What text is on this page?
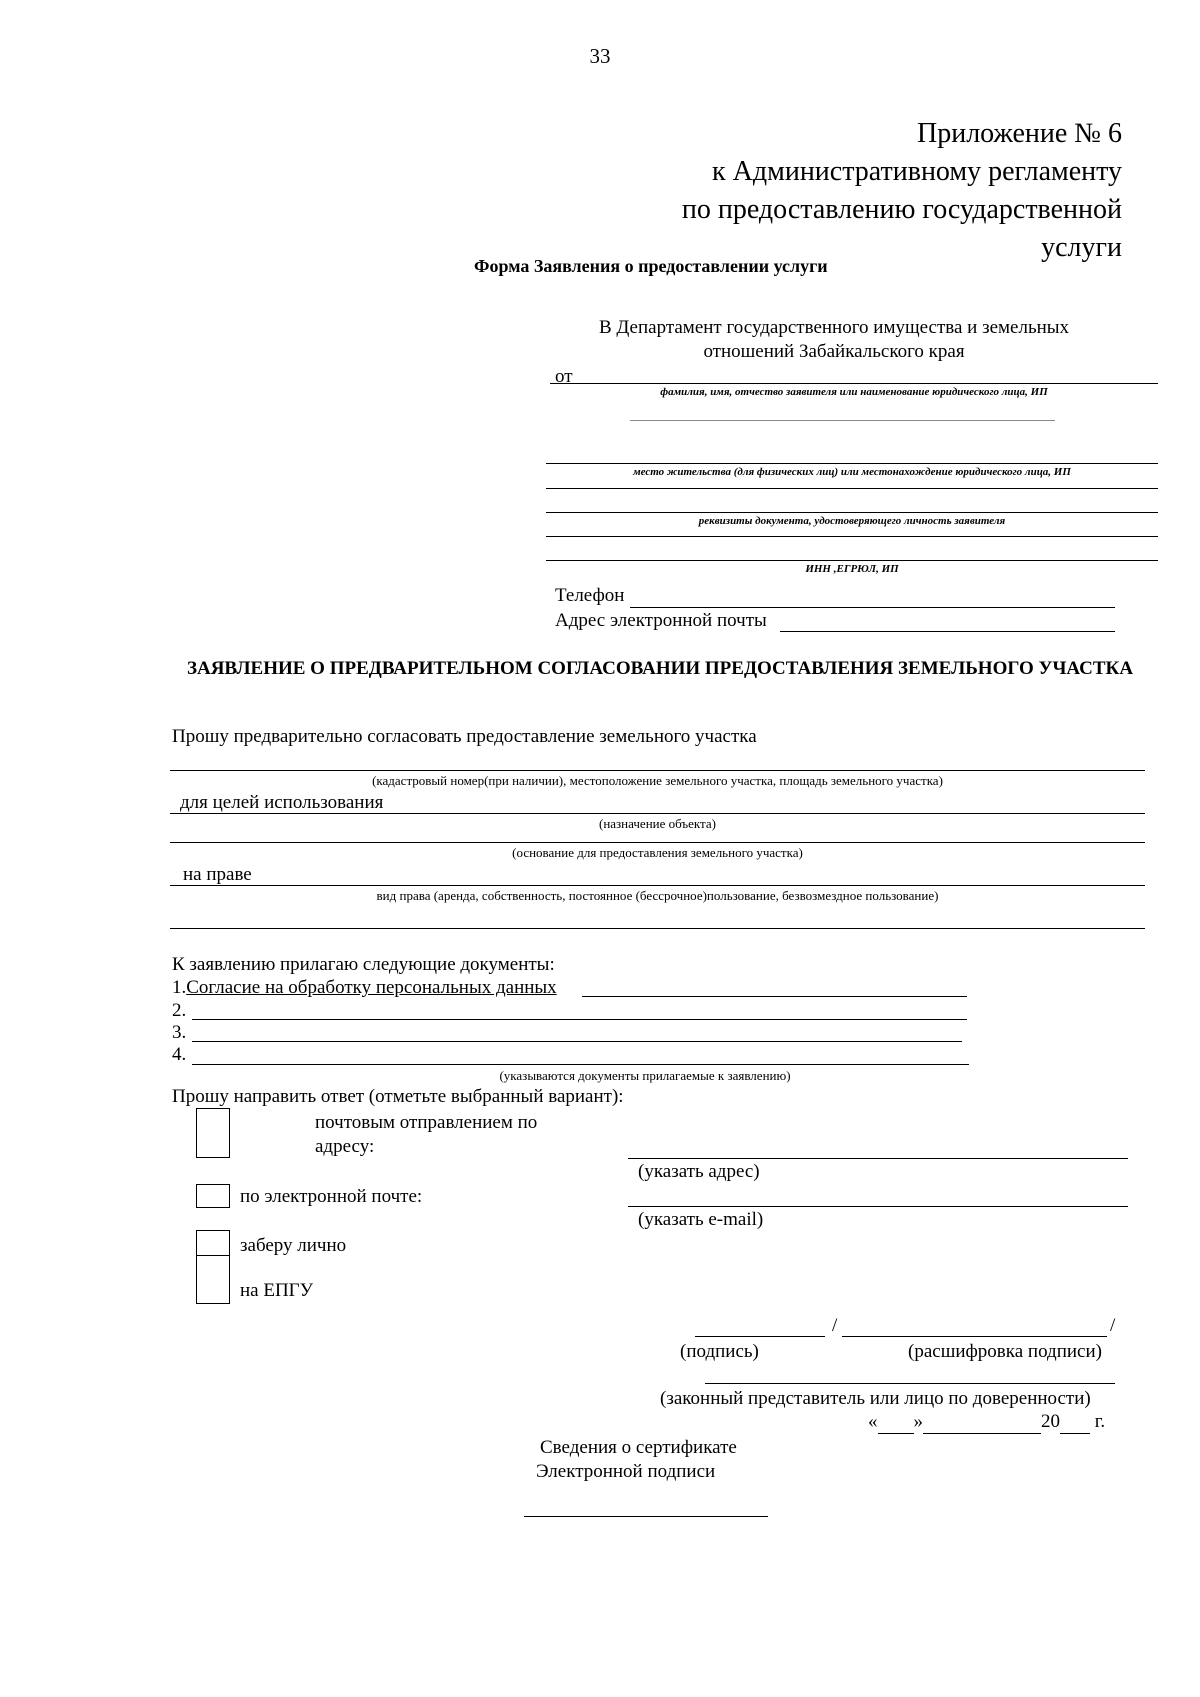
33
Приложение № 6
к Административному регламенту
по предоставлению государственной
услуги
Форма Заявления о предоставлении услуги
В Департамент государственного имущества и земельных
отношений Забайкальского края
от
фамилия, имя, отчество заявителя или наименование юридического лица, ИП
место жительства (для физических лиц) или местонахождение юридического лица, ИП
реквизиты документа, удостоверяющего личность заявителя
ИНН ,ЕГРЮЛ, ИП
Телефон
Адрес электронной почты
ЗАЯВЛЕНИЕ О ПРЕДВАРИТЕЛЬНОМ СОГЛАСОВАНИИ ПРЕДОСТАВЛЕНИЯ ЗЕМЕЛЬНОГО УЧАСТКА
Прошу предварительно согласовать предоставление земельного участка
(кадастровый номер(при наличии), местоположение земельного участка, площадь земельного участка)
для целей использования
(назначение объекта)
(основание для предоставления земельного участка)
на праве
вид права (аренда, собственность, постоянное (бессрочное)пользование, безвозмездное пользование)
К заявлению прилагаю следующие документы:
1.Согласие на обработку персональных данных
2.
3.
4.
(указываются документы прилагаемые к заявлению)
Прошу направить ответ (отметьте выбранный вариант):
почтовым отправлением по
адресу:
(указать адрес)
по электронной почте:
(указать e-mail)
заберу лично
на ЕПГУ
/	/
(подпись)	(расшифровка подписи)
(законный представитель или лицо по доверенности)
« »	20 г.
Сведения о сертификате
Электронной подписи
